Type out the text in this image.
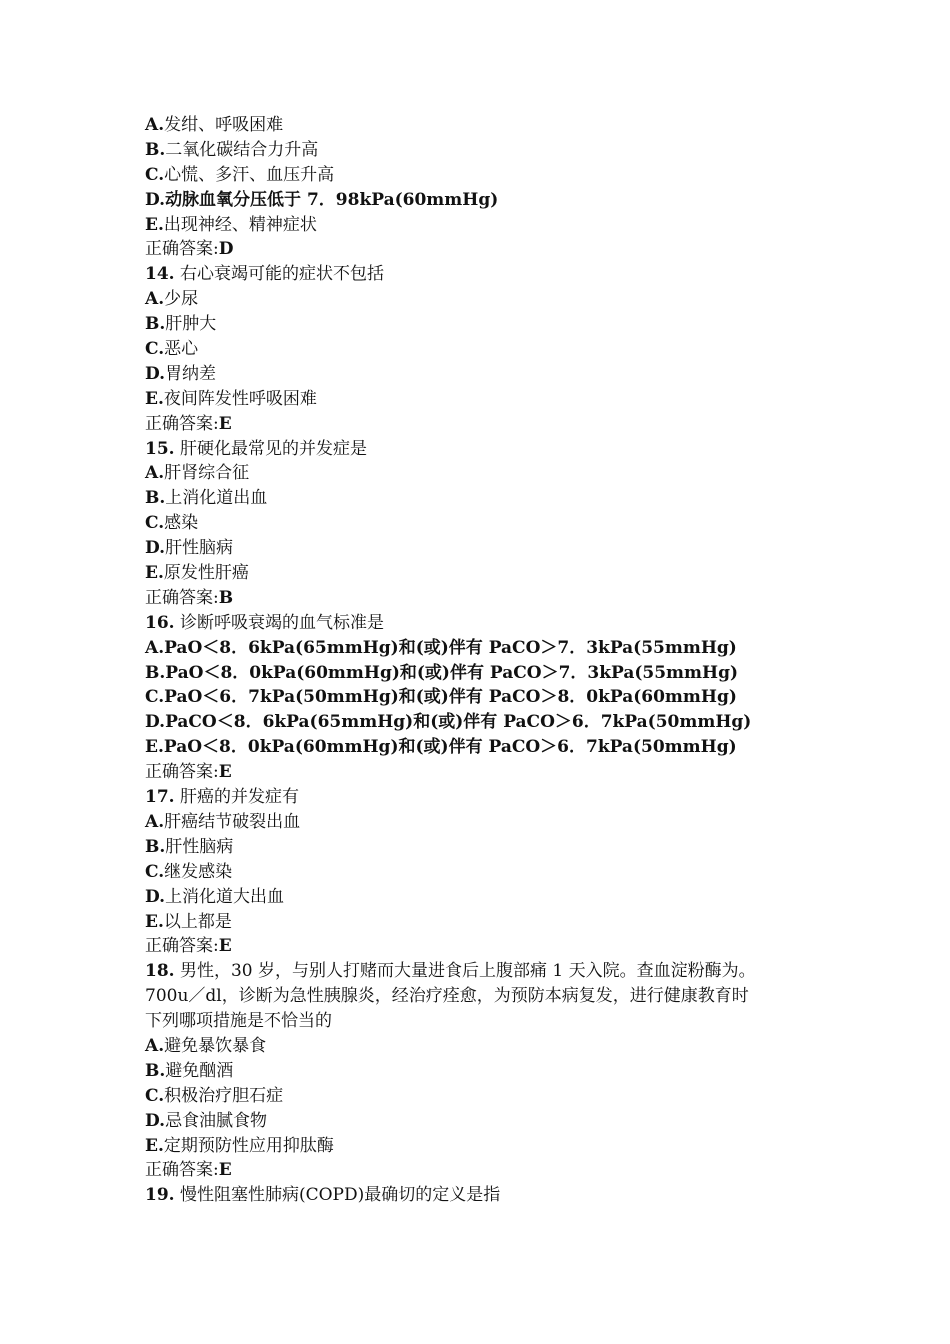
A.发绀、呼吸困难
B.二氧化碳结合力升高
C.心慌、多汗、血压升高
D.动脉血氧分压低于 7．98kPa(60mmHg)
E.出现神经、精神症状
正确答案:D
14. 右心衰竭可能的症状不包括
A.少尿
B.肝肿大
C.恶心
D.胃纳差
E.夜间阵发性呼吸困难
正确答案:E
15. 肝硬化最常见的并发症是
A.肝肾综合征
B.上消化道出血
C.感染
D.肝性脑病
E.原发性肝癌
正确答案:B
16. 诊断呼吸衰竭的血气标准是
A.PaO＜8．6kPa(65mmHg)和(或)伴有 PaCO＞7．3kPa(55mmHg)
B.PaO＜8．0kPa(60mmHg)和(或)伴有 PaCO＞7．3kPa(55mmHg)
C.PaO＜6．7kPa(50mmHg)和(或)伴有 PaCO＞8．0kPa(60mmHg)
D.PaCO＜8．6kPa(65mmHg)和(或)伴有 PaCO＞6．7kPa(50mmHg)
E.PaO＜8．0kPa(60mmHg)和(或)伴有 PaCO＞6．7kPa(50mmHg)
正确答案:E
17. 肝癌的并发症有
A.肝癌结节破裂出血
B.肝性脑病
C.继发感染
D.上消化道大出血
E.以上都是
正确答案:E
18. 男性，30 岁，与别人打赌而大量进食后上腹部痛 1 天入院。查血淀粉酶为。
700u／dl，诊断为急性胰腺炎，经治疗痊愈，为预防本病复发，进行健康教育时
下列哪项措施是不恰当的
A.避免暴饮暴食
B.避免酗酒
C.积极治疗胆石症
D.忌食油腻食物
E.定期预防性应用抑肽酶
正确答案:E
19. 慢性阻塞性肺病(COPD)最确切的定义是指
